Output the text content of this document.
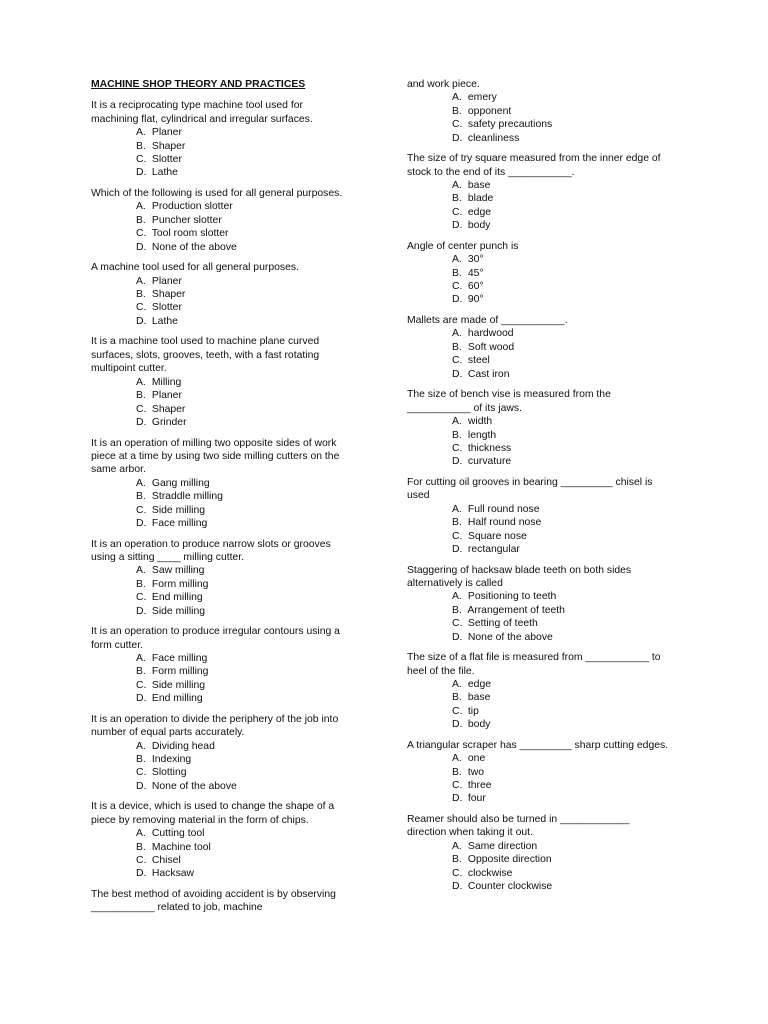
MACHINE SHOP THEORY AND PRACTICES

It is a reciprocating type machine tool used for machining flat, cylindrical and irregular surfaces.

A. Planer
B. Shaper
C. Slotter
D. Lathe

Which of the following is used for all general purposes.

A. Production slotter
B. Puncher slotter
C. Tool room slotter
D. None of the above

A machine tool used for all general purposes.

A. Planer
B. Shaper
C. Slotter
D. Lathe

It is a machine tool used to machine plane curved surfaces, slots, grooves, teeth, with a fast rotating multipoint cutter.

A. Milling
B. Planer
C. Shaper
D. Grinder

It is an operation of milling two opposite sides of work piece at a time by using two side milling cutters on the same arbor.

A. Gang milling
B. Straddle milling
C. Side milling
D. Face milling

It is an operation to produce narrow slots or grooves using a sitting ____ milling cutter.

A. Saw milling
B. Form milling
C. End milling
D. Side milling

It is an operation to produce irregular contours using a form cutter.

A. Face milling
B. Form milling
C. Side milling
D. End milling

It is an operation to divide the periphery of the job into number of equal parts accurately.

A. Dividing head
B. Indexing
C. Slotting
D. None of the above

It is a device, which is used to change the shape of a piece by removing material in the form of chips.

A. Cutting tool
B. Machine tool
C. Chisel
D. Hacksaw

The best method of avoiding accident is by observing ___________ related to job, machine

and work piece.

A. emery
B. opponent
C. safety precautions
D. cleanliness

The size of try square measured from the inner edge of stock to the end of its ___________.

A. base
B. blade
C. edge
D. body

Angle of center punch is

A. 30°
B. 45°
C. 60°
D. 90°

Mallets are made of ___________.

A. hardwood
B. Soft wood
C. steel
D. Cast iron

The size of bench vise is measured from the ___________ of its jaws.

A. width
B. length
C. thickness
D. curvature

For cutting oil grooves in bearing _________ chisel is used

A. Full round nose
B. Half round nose
C. Square nose
D. rectangular

Staggering of hacksaw blade teeth on both sides alternatively is called

A. Positioning to teeth
B. Arrangement of teeth
C. Setting of teeth
D. None of the above

The size of a flat file is measured from ___________ to heel of the file.

A. edge
B. base
C. tip
D. body

A triangular scraper has _________ sharp cutting edges.

A. one
B. two
C. three
D. four

Reamer should also be turned in ____________ direction when taking it out.

A. Same direction
B. Opposite direction
C. clockwise
D. Counter clockwise
